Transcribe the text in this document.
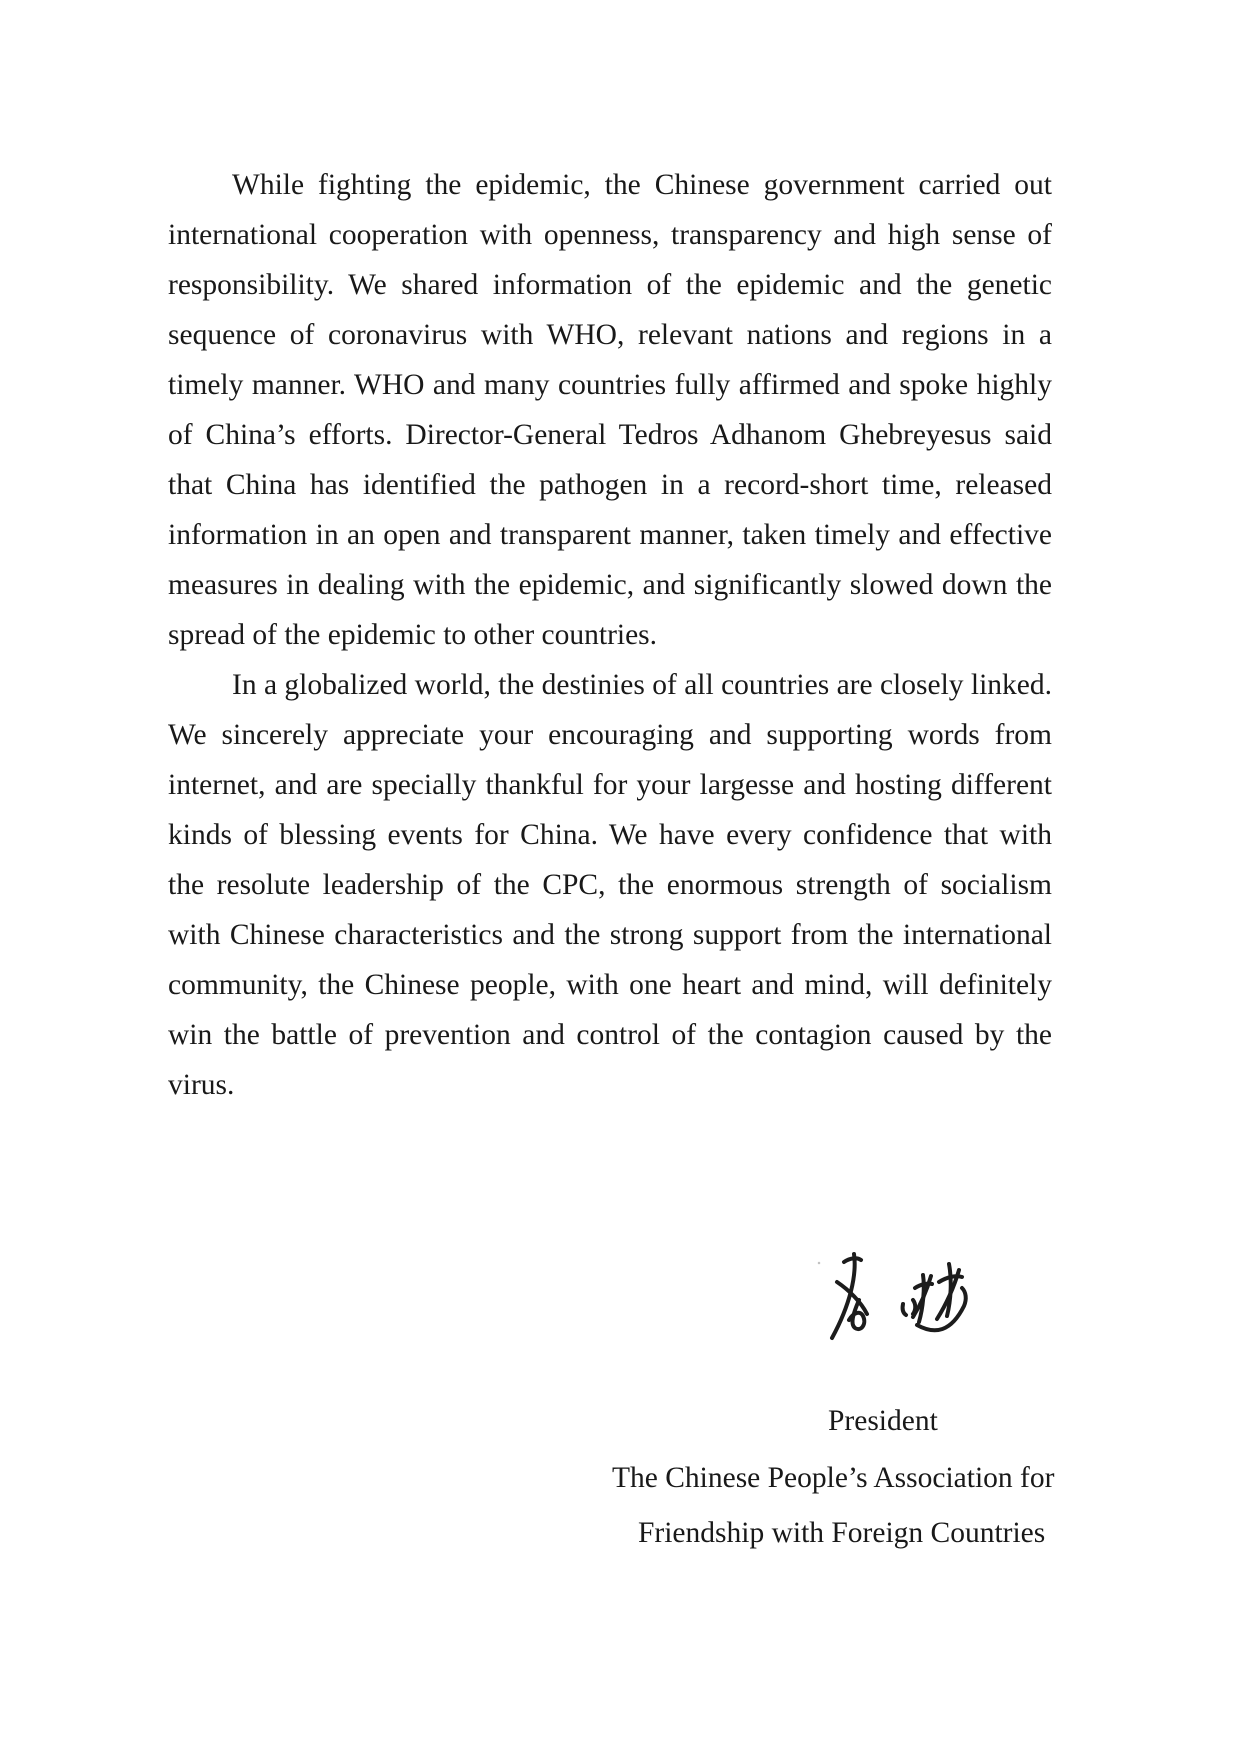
While fighting the epidemic, the Chinese government carried out
international cooperation with openness, transparency and high sense of
responsibility. We shared information of the epidemic and the genetic
sequence of coronavirus with WHO, relevant nations and regions in a
timely manner. WHO and many countries fully affirmed and spoke highly
of China’s efforts. Director-General Tedros Adhanom Ghebreyesus said
that China has identified the pathogen in a record-short time, released
information in an open and transparent manner, taken timely and effective
measures in dealing with the epidemic, and significantly slowed down the
spread of the epidemic to other countries.
In a globalized world, the destinies of all countries are closely linked.
We sincerely appreciate your encouraging and supporting words from
internet, and are specially thankful for your largesse and hosting different
kinds of blessing events for China. We have every confidence that with
the resolute leadership of the CPC, the enormous strength of socialism
with Chinese characteristics and the strong support from the international
community, the Chinese people, with one heart and mind, will definitely
win the battle of prevention and control of the contagion caused by the
virus.
President
The Chinese People’s Association for
Friendship with Foreign Countries
